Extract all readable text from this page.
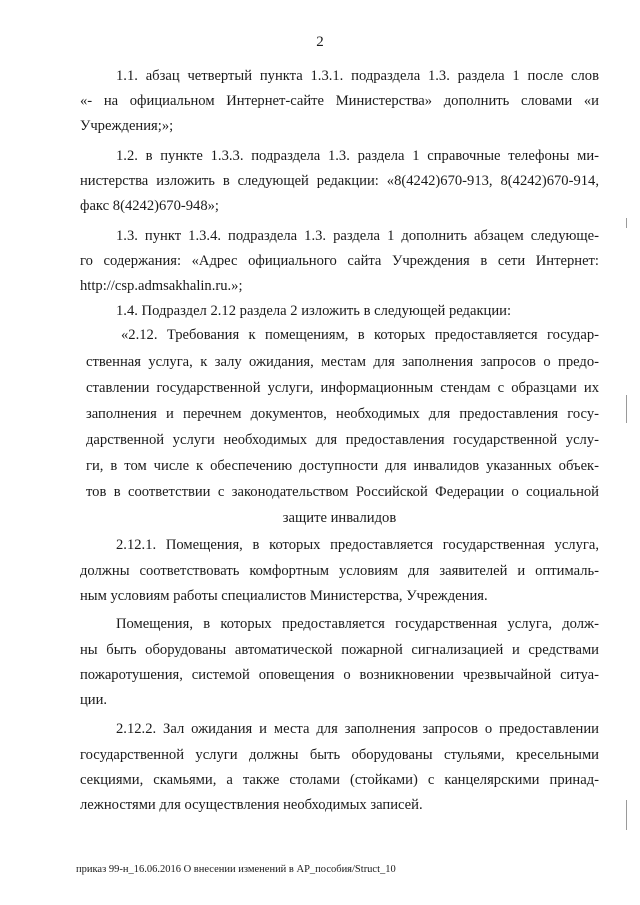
2
1.1. абзац четвертый пункта 1.3.1. подраздела 1.3. раздела 1 после слов
«- на официальном Интернет-сайте Министерства» дополнить словами «и
Учреждения;»;
1.2. в пункте 1.3.3. подраздела 1.3. раздела 1 справочные телефоны ми-
нистерства изложить в следующей редакции: «8(4242)670-913, 8(4242)670-914,
факс 8(4242)670-948»;
1.3. пункт 1.3.4. подраздела 1.3. раздела 1 дополнить абзацем следующе-
го содержания: «Адрес официального сайта Учреждения в сети Интернет:
http://csp.admsakhalin.ru.»;
1.4. Подраздел 2.12 раздела 2 изложить в следующей редакции:
«2.12. Требования к помещениям, в которых предоставляется государ-
ственная услуга, к залу ожидания, местам для заполнения запросов о предо-
ставлении государственной услуги, информационным стендам с образцами их
заполнения и перечнем документов, необходимых для предоставления госу-
дарственной услуги необходимых для предоставления государственной услу-
ги, в том числе к обеспечению доступности для инвалидов указанных объек-
тов в соответствии с законодательством Российской Федерации о социальной
защите инвалидов
2.12.1. Помещения, в которых предоставляется государственная услуга,
должны соответствовать комфортным условиям для заявителей и оптималь-
ным условиям работы специалистов Министерства, Учреждения.
Помещения, в которых предоставляется государственная услуга, долж-
ны быть оборудованы автоматической пожарной сигнализацией и средствами
пожаротушения, системой оповещения о возникновении чрезвычайной ситуа-
ции.
2.12.2. Зал ожидания и места для заполнения запросов о предоставлении
государственной услуги должны быть оборудованы стульями, кресельными
секциями, скамьями, а также столами (стойками) с канцелярскими принад-
лежностями для осуществления необходимых записей.
приказ 99-н_16.06.2016 О внесении изменений в АР_пособия/Struct_10
